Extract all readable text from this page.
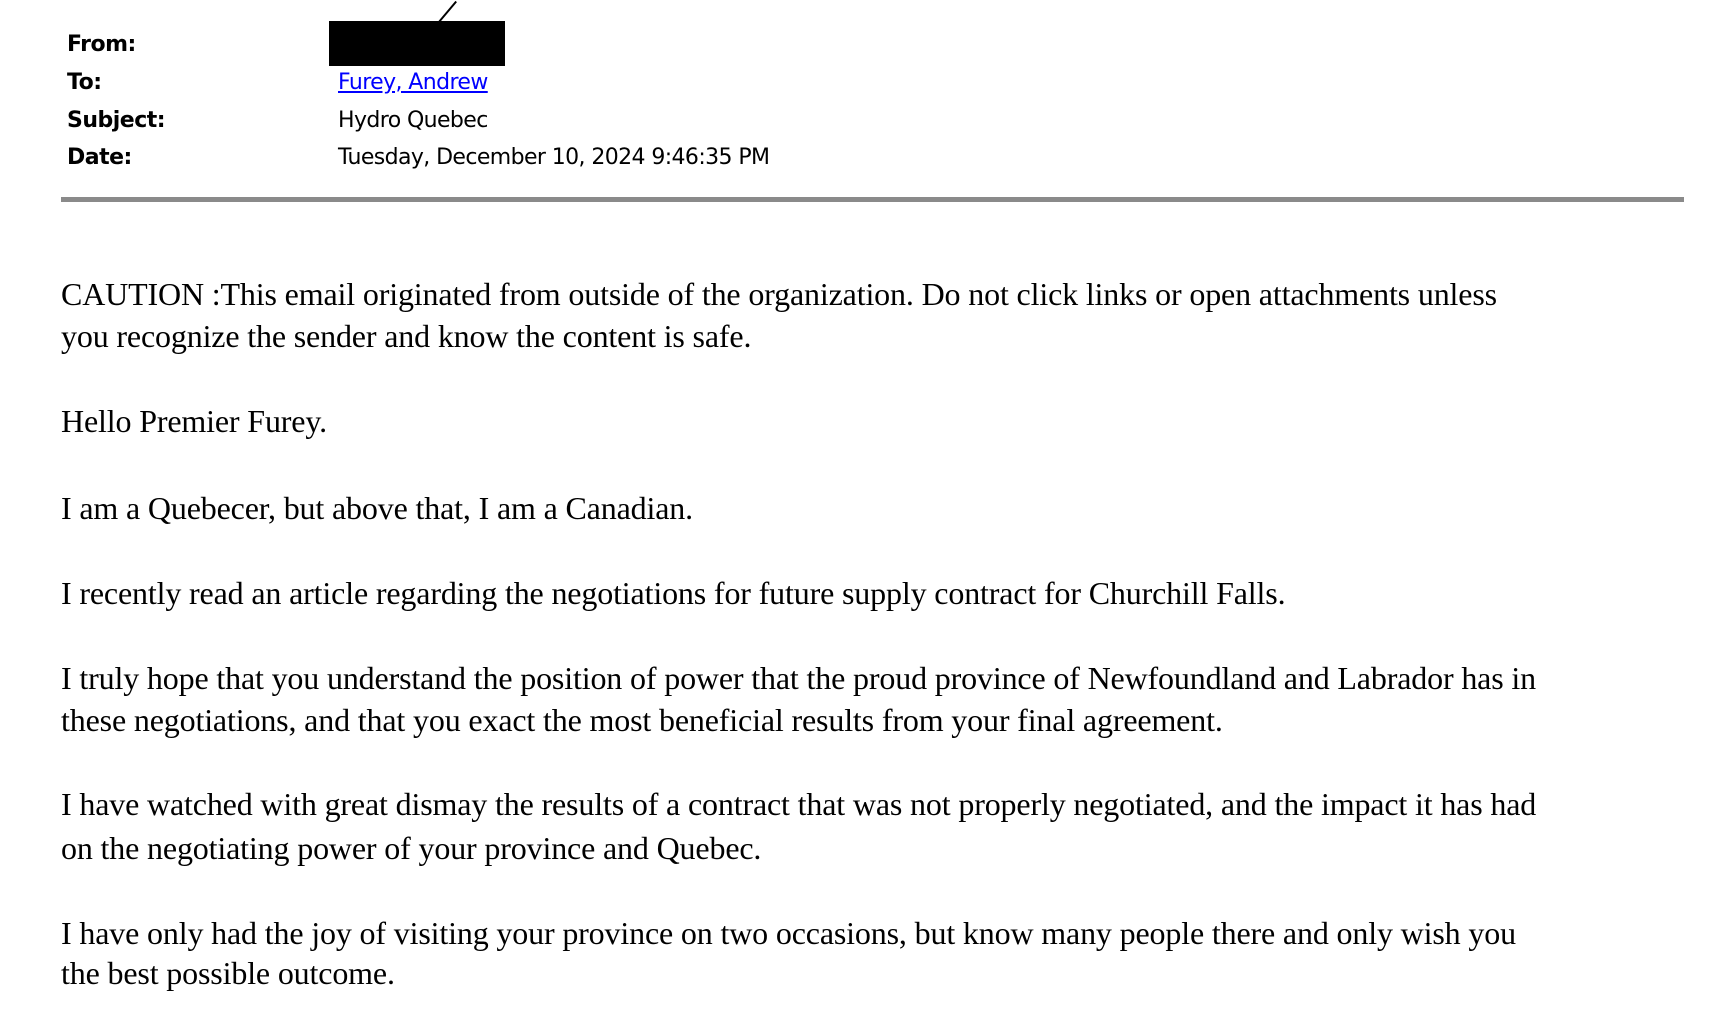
From:
To:	Furey, Andrew
Subject:	Hydro Quebec
Date:	Tuesday, December 10, 2024 9:46:35 PM
CAUTION :This email originated from outside of the organization. Do not click links or open attachments unless
you recognize the sender and know the content is safe.
Hello Premier Furey.
I am a Quebecer, but above that, I am a Canadian.
I recently read an article regarding the negotiations for future supply contract for Churchill Falls.
I truly hope that you understand the position of power that the proud province of Newfoundland and Labrador has in
these negotiations, and that you exact the most beneficial results from your final agreement.
I have watched with great dismay the results of a contract that was not properly negotiated, and the impact it has had
on the negotiating power of your province and Quebec.
I have only had the joy of visiting your province on two occasions, but know many people there and only wish you
the best possible outcome.
